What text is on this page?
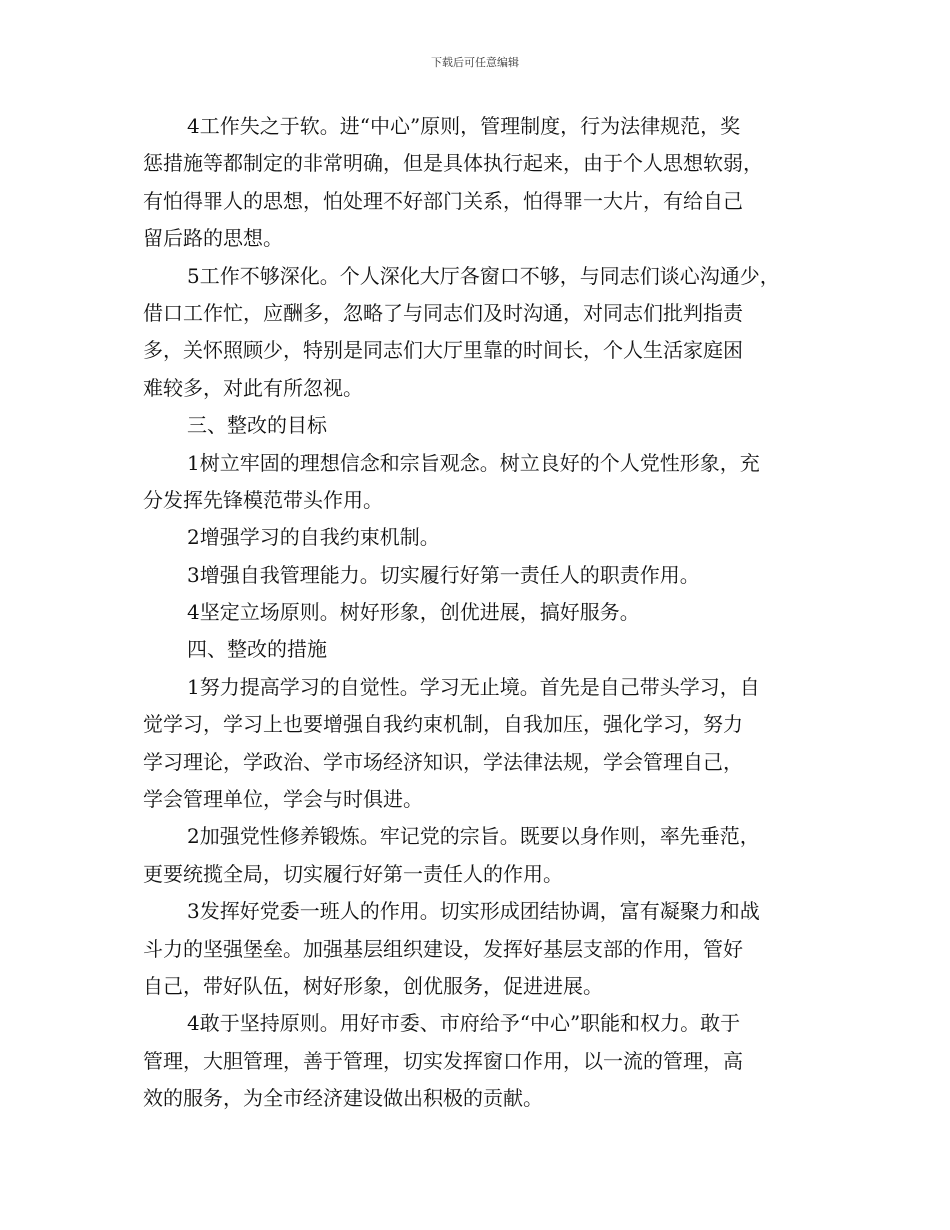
下载后可任意编辑
4工作失之于软。进“中心”原则，管理制度，行为法律规范，奖
惩措施等都制定的非常明确，但是具体执行起来，由于个人思想软弱，
有怕得罪人的思想，怕处理不好部门关系，怕得罪一大片，有给自己
留后路的思想。
5工作不够深化。个人深化大厅各窗口不够，与同志们谈心沟通少，
借口工作忙，应酬多，忽略了与同志们及时沟通，对同志们批判指责
多，关怀照顾少，特别是同志们大厅里靠的时间长，个人生活家庭困
难较多，对此有所忽视。
三、整改的目标
1树立牢固的理想信念和宗旨观念。树立良好的个人党性形象，充
分发挥先锋模范带头作用。
2增强学习的自我约束机制。
3增强自我管理能力。切实履行好第一责任人的职责作用。
4坚定立场原则。树好形象，创优进展，搞好服务。
四、整改的措施
1努力提高学习的自觉性。学习无止境。首先是自己带头学习，自
觉学习，学习上也要增强自我约束机制，自我加压，强化学习，努力
学习理论，学政治、学市场经济知识，学法律法规，学会管理自己，
学会管理单位，学会与时俱进。
2加强党性修养锻炼。牢记党的宗旨。既要以身作则，率先垂范，
更要统揽全局，切实履行好第一责任人的作用。
3发挥好党委一班人的作用。切实形成团结协调，富有凝聚力和战
斗力的坚强堡垒。加强基层组织建设，发挥好基层支部的作用，管好
自己，带好队伍，树好形象，创优服务，促进进展。
4敢于坚持原则。用好市委、市府给予“中心”职能和权力。敢于
管理，大胆管理，善于管理，切实发挥窗口作用，以一流的管理，高
效的服务，为全市经济建设做出积极的贡献。
